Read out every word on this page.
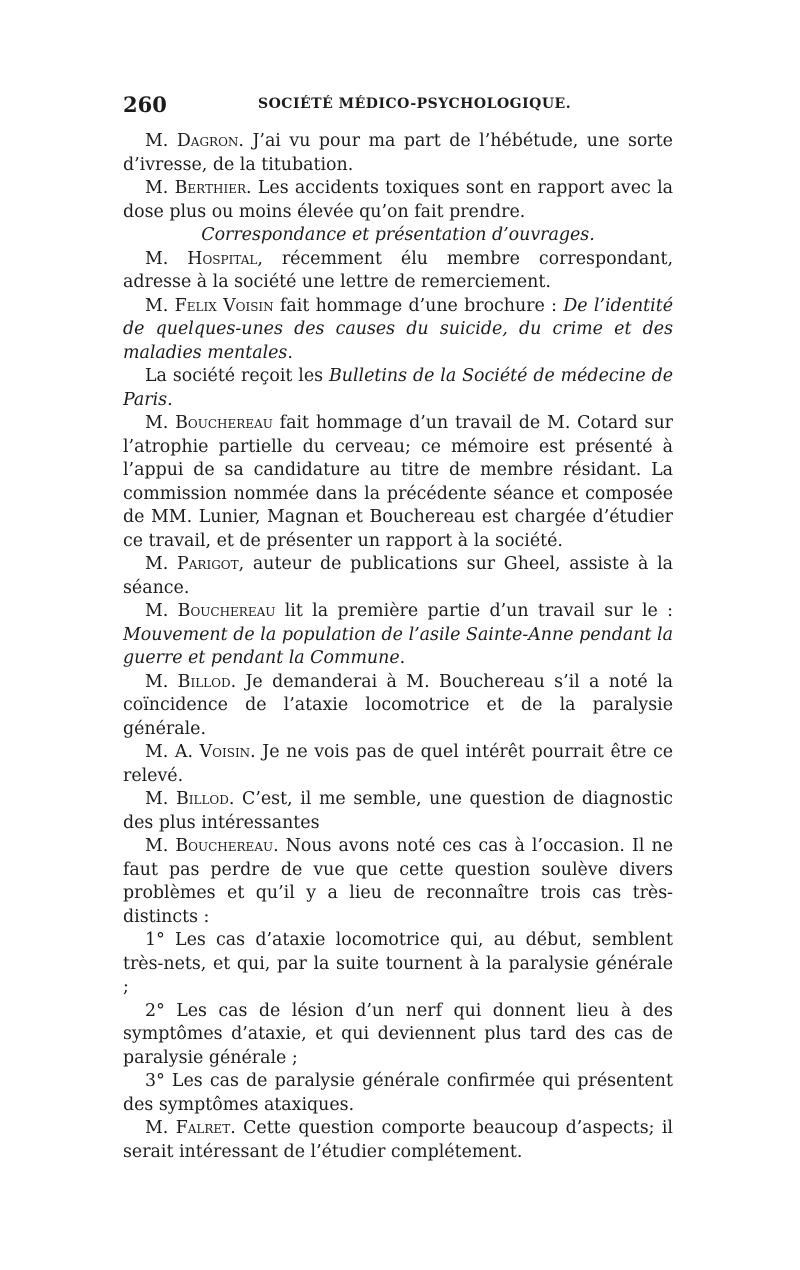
260	SOCIÉTÉ MÉDICO-PSYCHOLOGIQUE.

M. Dagron. J’ai vu pour ma part de l’hébétude, une sorte d’ivresse, de la titubation.

M. Berthier. Les accidents toxiques sont en rapport avec la dose plus ou moins élevée qu’on fait prendre.

Correspondance et présentation d’ouvrages.

M. Hospital, récemment élu membre correspondant, adresse à la société une lettre de remerciement.

M. Felix Voisin fait hommage d’une brochure : De l’identité de quelques-unes des causes du suicide, du crime et des maladies mentales.

La société reçoit les Bulletins de la Société de médecine de Paris.

M. Bouchereau fait hommage d’un travail de M. Cotard sur l’atrophie partielle du cerveau; ce mémoire est présenté à l’appui de sa candidature au titre de membre résidant. La commission nommée dans la précédente séance et composée de MM. Lunier, Magnan et Bouchereau est chargée d’étudier ce travail, et de présenter un rapport à la société.

M. Parigot, auteur de publications sur Gheel, assiste à la séance.

M. Bouchereau lit la première partie d’un travail sur le : Mouvement de la population de l’asile Sainte-Anne pendant la guerre et pendant la Commune.

M. Billod. Je demanderai à M. Bouchereau s’il a noté la coïncidence de l’ataxie locomotrice et de la paralysie générale.

M. A. Voisin. Je ne vois pas de quel intérêt pourrait être ce relevé.

M. Billod. C’est, il me semble, une question de diagnostic des plus intéressantes

M. Bouchereau. Nous avons noté ces cas à l’occasion. Il ne faut pas perdre de vue que cette question soulève divers problèmes et qu’il y a lieu de reconnaître trois cas très-distincts :

1° Les cas d’ataxie locomotrice qui, au début, semblent très-nets, et qui, par la suite tournent à la paralysie générale ;

2° Les cas de lésion d’un nerf qui donnent lieu à des symptômes d’ataxie, et qui deviennent plus tard des cas de paralysie générale ;

3° Les cas de paralysie générale confirmée qui présentent des symptômes ataxiques.

M. Falret. Cette question comporte beaucoup d’aspects; il serait intéressant de l’étudier complétement.
